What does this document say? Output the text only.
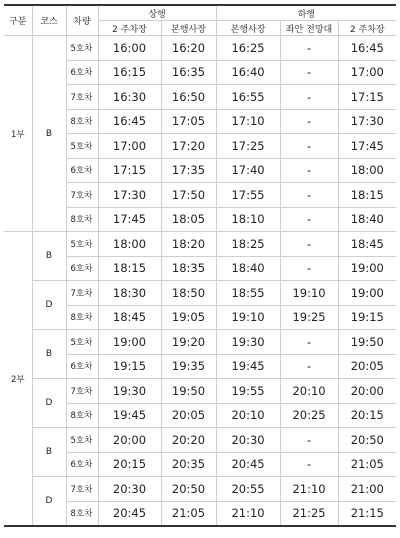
구분	코스	차량	상행		하행		
			2 주차장	본행사장	본행사장	좌안 전망대	2 주차장
1부	B	5호차	16:00	16:20	16:25	-	16:45
		6호차	16:15	16:35	16:40	-	17:00
		7호차	16:30	16:50	16:55	-	17:15
		8호차	16:45	17:05	17:10	-	17:30
		5호차	17:00	17:20	17:25	-	17:45
		6호차	17:15	17:35	17:40	-	18:00
		7호차	17:30	17:50	17:55	-	18:15
		8호차	17:45	18:05	18:10	-	18:40
2부	B	5호차	18:00	18:20	18:25	-	18:45
		6호차	18:15	18:35	18:40	-	19:00
	D	7호차	18:30	18:50	18:55	19:10	19:00
		8호차	18:45	19:05	19:10	19:25	19:15
	B	5호차	19:00	19:20	19:30	-	19:50
		6호차	19:15	19:35	19:45	-	20:05
	D	7호차	19:30	19:50	19:55	20:10	20:00
		8호차	19:45	20:05	20:10	20:25	20:15
	B	5호차	20:00	20:20	20:30	-	20:50
		6호차	20:15	20:35	20:45	-	21:05
	D	7호차	20:30	20:50	20:55	21:10	21:00
		8호차	20:45	21:05	21:10	21:25	21:15
